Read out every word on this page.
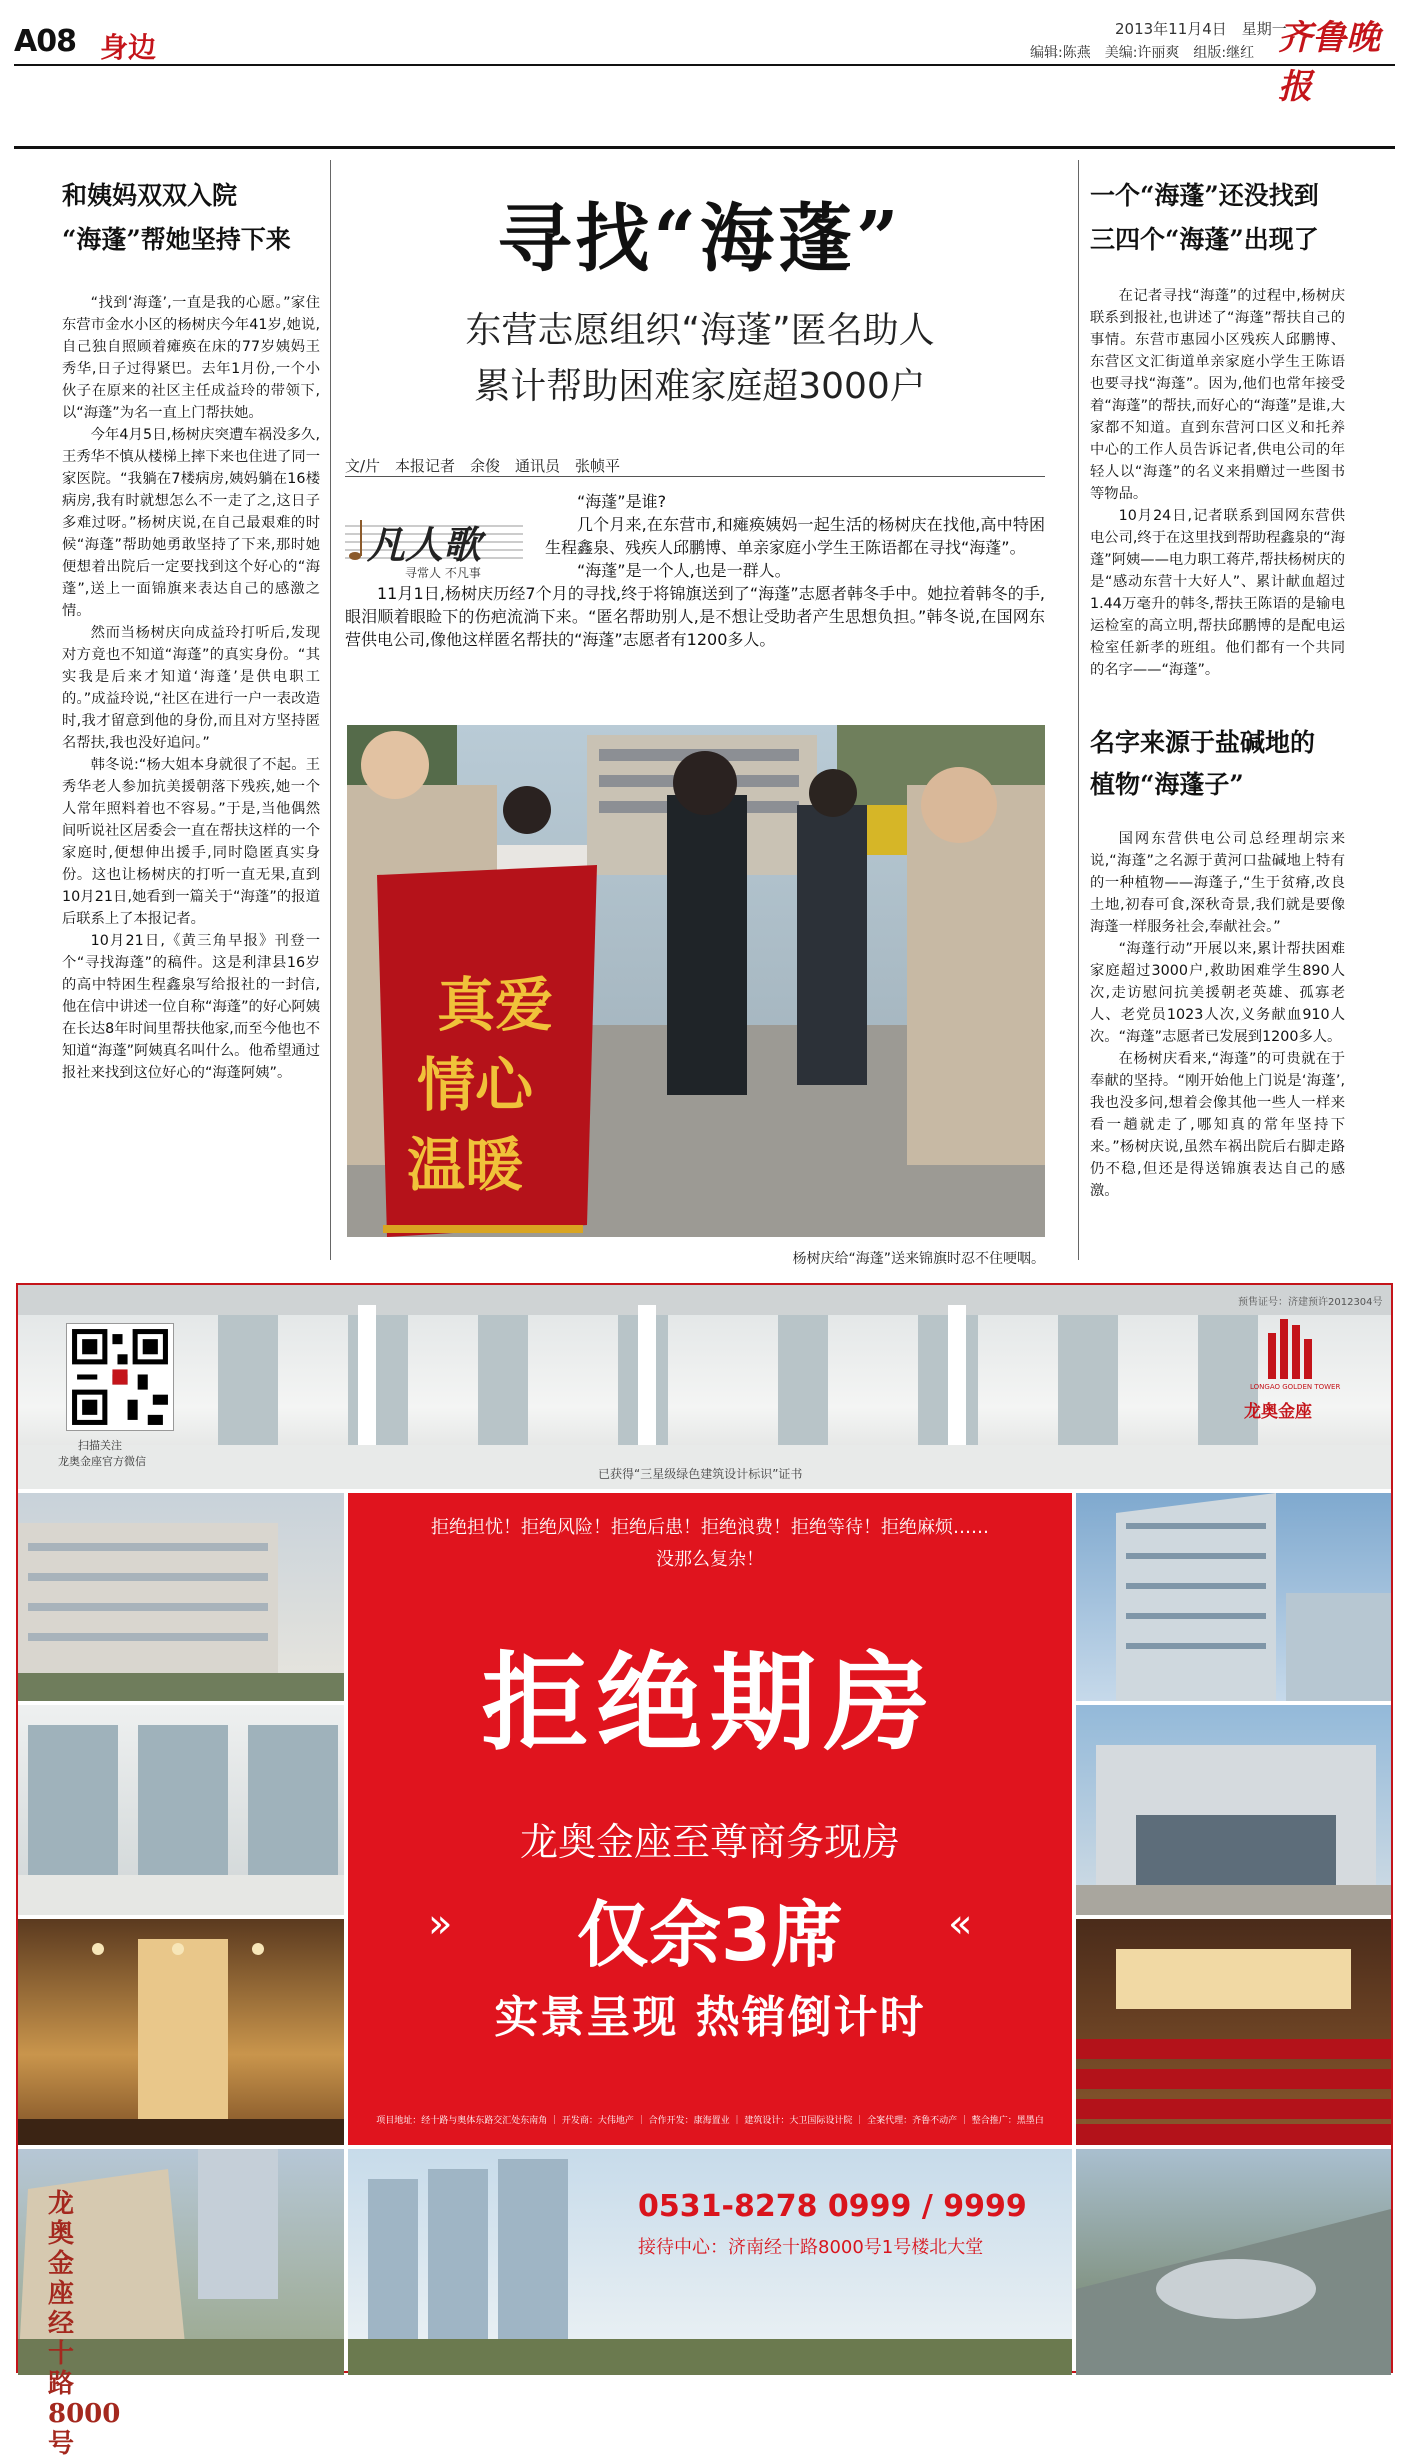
A08 身边
2013年11月4日　星期一
齐鲁晚报
编辑:陈燕　美编:许丽爽　组版:继红
和姨妈双双入院
“海蓬”帮她坚持下来

“找到‘海蓬’,一直是我的心愿。”家住东营市金水小区的杨树庆今年41岁,她说,自己独自照顾着瘫痪在床的77岁姨妈王秀华,日子过得紧巴。去年1月份,一个小伙子在原来的社区主任成益玲的带领下,以“海蓬”为名一直上门帮扶她。

今年4月5日,杨树庆突遭车祸没多久,王秀华不慎从楼梯上摔下来也住进了同一家医院。“我躺在7楼病房,姨妈躺在16楼病房,我有时就想怎么不一走了之,这日子多难过呀。”杨树庆说,在自己最艰难的时候“海蓬”帮助她勇敢坚持了下来,那时她便想着出院后一定要找到这个好心的“海蓬”,送上一面锦旗来表达自己的感激之情。

然而当杨树庆向成益玲打听后,发现对方竟也不知道“海蓬”的真实身份。“其实我是后来才知道‘海蓬’是供电职工的。”成益玲说,“社区在进行一户一表改造时,我才留意到他的身份,而且对方坚持匿名帮扶,我也没好追问。”

韩冬说:“杨大姐本身就很了不起。王秀华老人参加抗美援朝落下残疾,她一个人常年照料着也不容易。”于是,当他偶然间听说社区居委会一直在帮扶这样的一个家庭时,便想伸出援手,同时隐匿真实身份。这也让杨树庆的打听一直无果,直到10月21日,她看到一篇关于“海蓬”的报道后联系上了本报记者。

10月21日,《黄三角早报》刊登一个“寻找海蓬”的稿件。这是利津县16岁的高中特困生程鑫泉写给报社的一封信,他在信中讲述一位自称“海蓬”的好心阿姨在长达8年时间里帮扶他家,而至今他也不知道“海蓬”阿姨真名叫什么。他希望通过报社来找到这位好心的“海蓬阿姨”。

寻找“海蓬”
东营志愿组织“海蓬”匿名助人
累计帮助困难家庭超3000户
文/片　本报记者　余俊　通讯员　张帧平
凡人歌
寻常人 不凡事

“海蓬”是谁?

几个月来,在东营市,和瘫痪姨妈一起生活的杨树庆在找他,高中特困生程鑫泉、残疾人邱鹏博、单亲家庭小学生王陈语都在寻找“海蓬”。

“海蓬”是一个人,也是一群人。

11月1日,杨树庆历经7个月的寻找,终于将锦旗送到了“海蓬”志愿者韩冬手中。她拉着韩冬的手,眼泪顺着眼睑下的伤疤流淌下来。“匿名帮助别人,是不想让受助者产生思想负担。”韩冬说,在国网东营供电公司,像他这样匿名帮扶的“海蓬”志愿者有1200多人。

真爱
情心
温暖
杨树庆给“海蓬”送来锦旗时忍不住哽咽。
一个“海蓬”还没找到
三四个“海蓬”出现了

在记者寻找“海蓬”的过程中,杨树庆联系到报社,也讲述了“海蓬”帮扶自己的事情。东营市惠园小区残疾人邱鹏博、东营区文汇街道单亲家庭小学生王陈语也要寻找“海蓬”。因为,他们也常年接受着“海蓬”的帮扶,而好心的“海蓬”是谁,大家都不知道。直到东营河口区义和托养中心的工作人员告诉记者,供电公司的年轻人以“海蓬”的名义来捐赠过一些图书等物品。

10月24日,记者联系到国网东营供电公司,终于在这里找到帮助程鑫泉的“海蓬”阿姨——电力职工蒋芹,帮扶杨树庆的是“感动东营十大好人”、累计献血超过1.44万毫升的韩冬,帮扶王陈语的是输电运检室的高立明,帮扶邱鹏博的是配电运检室任新孝的班组。他们都有一个共同的名字——“海蓬”。

名字来源于盐碱地的
植物“海蓬子”

国网东营供电公司总经理胡宗来说,“海蓬”之名源于黄河口盐碱地上特有的一种植物——海蓬子,“生于贫瘠,改良土地,初春可食,深秋奇景,我们就是要像海蓬一样服务社会,奉献社会。”

“海蓬行动”开展以来,累计帮扶困难家庭超过3000户,救助困难学生890人次,走访慰问抗美援朝老英雄、孤寡老人、老党员1023人次,义务献血910人次。“海蓬”志愿者已发展到1200多人。

在杨树庆看来,“海蓬”的可贵就在于奉献的坚持。“刚开始他上门说是‘海蓬’,我也没多问,想着会像其他一些人一样来看一趟就走了,哪知真的常年坚持下来。”杨树庆说,虽然车祸出院后右脚走路仍不稳,但还是得送锦旗表达自己的感激。

扫描关注
龙奥金座官方微信
已获得“三星级绿色建筑设计标识”证书
预售证号：济建预许2012304号
LONGAO GOLDEN TOWER
龙奥金座
拒绝担忧！拒绝风险！拒绝后患！拒绝浪费！拒绝等待！拒绝麻烦……
没那么复杂！
拒绝期房
龙奥金座至尊商务现房
»	«
仅余3席
实景呈现 热销倒计时
项目地址：经十路与奥体东路交汇处东南角 ｜ 开发商：大伟地产 ｜ 合作开发：康海置业 ｜ 建筑设计：大卫国际设计院 ｜ 全案代理：齐鲁不动产 ｜ 整合推广：黑墨白
龙奥金座 经十路8000号
0531-8278 0999 / 9999
接待中心：济南经十路8000号1号楼北大堂
